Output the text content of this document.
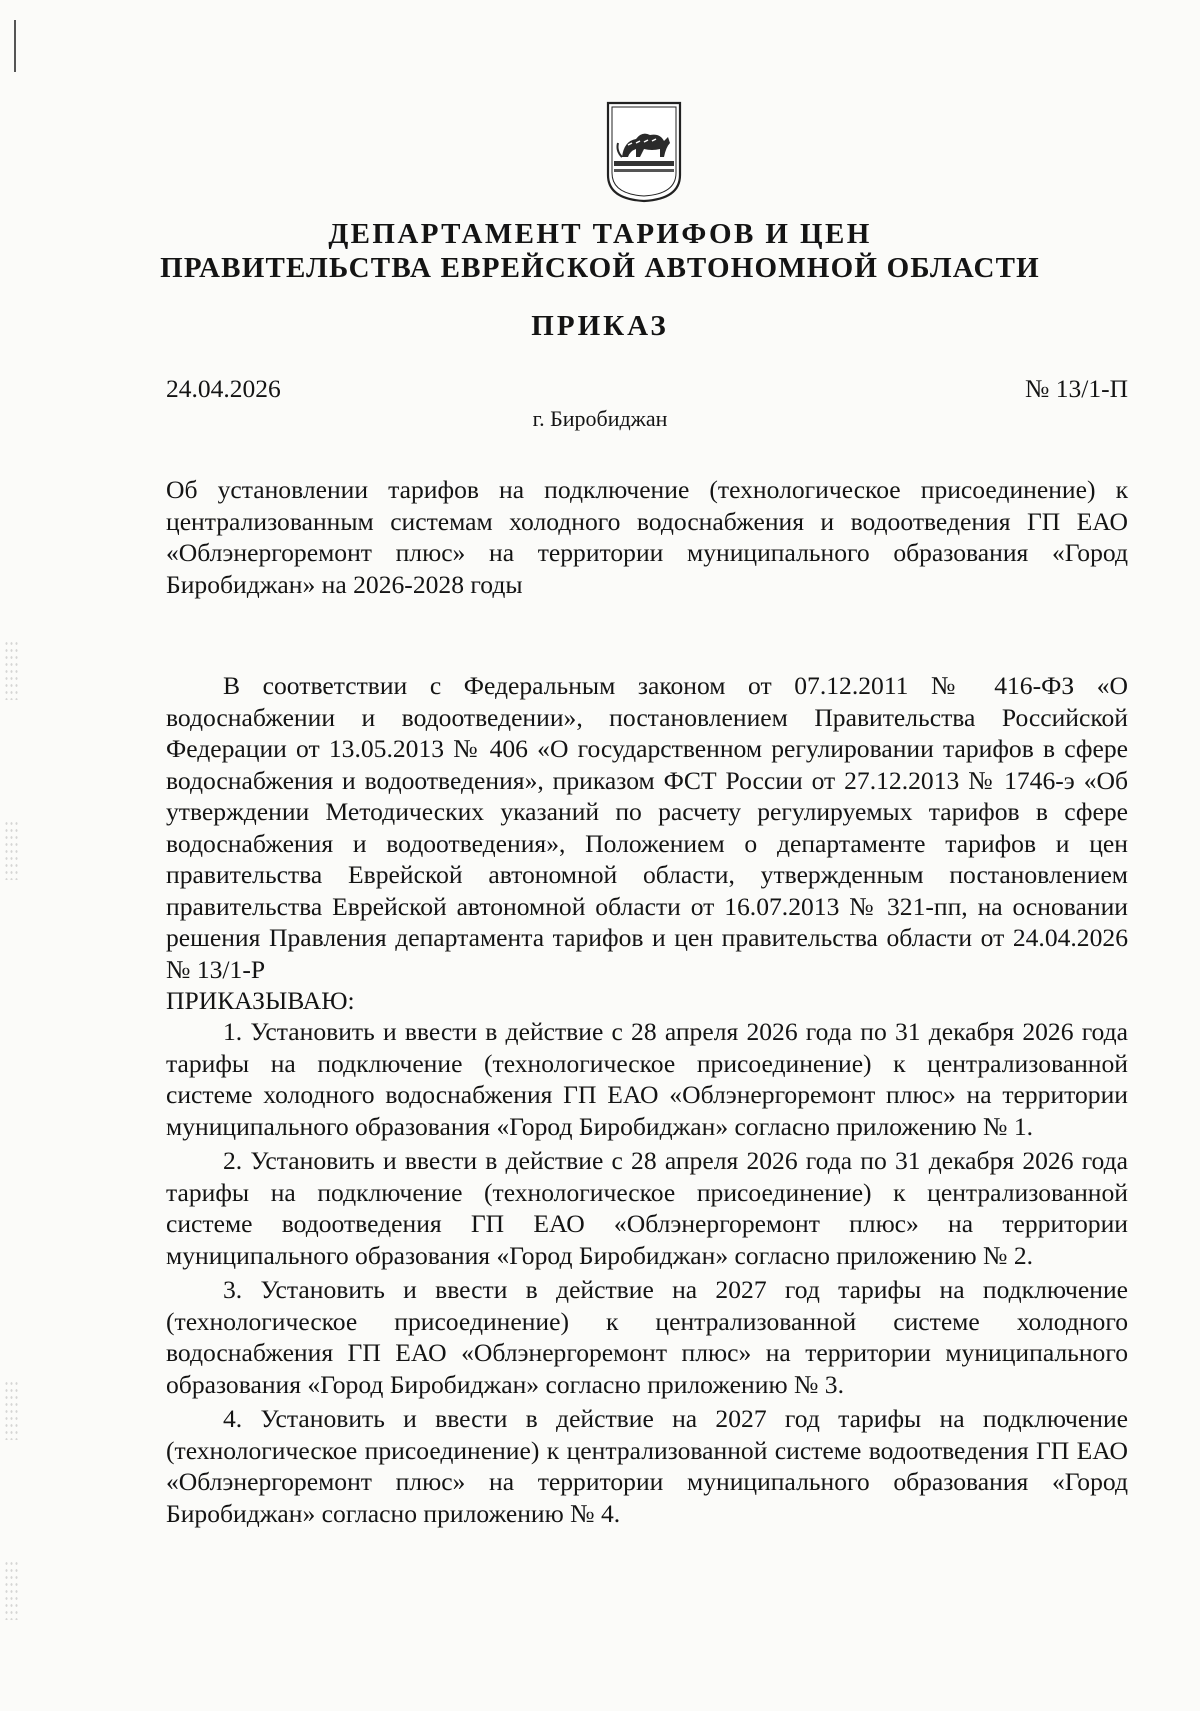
ДЕПАРТАМЕНТ ТАРИФОВ И ЦЕН
ПРАВИТЕЛЬСТВА ЕВРЕЙСКОЙ АВТОНОМНОЙ ОБЛАСТИ
ПРИКАЗ
24.04.2026	№ 13/1-П
г. Биробиджан

Об установлении тарифов на подключение (технологическое присоединение) к централизованным системам холодного водоснабжения и водоотведения ГП ЕАО «Облэнергоремонт плюс» на территории муниципального образования «Город Биробиджан» на 2026-2028 годы

В соответствии с Федеральным законом от 07.12.2011 № 416-ФЗ «О водоснабжении и водоотведении», постановлением Правительства Российской Федерации от 13.05.2013 № 406 «О государственном регулировании тарифов в сфере водоснабжения и водоотведения», приказом ФСТ России от 27.12.2013 № 1746-э «Об утверждении Методических указаний по расчету регулируемых тарифов в сфере водоснабжения и водоотведения», Положением о департаменте тарифов и цен правительства Еврейской автономной области, утвержденным постановлением правительства Еврейской автономной области от 16.07.2013 № 321-пп, на основании решения Правления департамента тарифов и цен правительства области от 24.04.2026 № 13/1-Р

ПРИКАЗЫВАЮ:

1. Установить и ввести в действие с 28 апреля 2026 года по 31 декабря 2026 года тарифы на подключение (технологическое присоединение) к централизованной системе холодного водоснабжения ГП ЕАО «Облэнергоремонт плюс» на территории муниципального образования «Город Биробиджан» согласно приложению № 1.

2. Установить и ввести в действие с 28 апреля 2026 года по 31 декабря 2026 года тарифы на подключение (технологическое присоединение) к централизованной системе водоотведения ГП ЕАО «Облэнергоремонт плюс» на территории муниципального образования «Город Биробиджан» согласно приложению № 2.

3. Установить и ввести в действие на 2027 год тарифы на подключение (технологическое присоединение) к централизованной системе холодного водоснабжения ГП ЕАО «Облэнергоремонт плюс» на территории муниципального образования «Город Биробиджан» согласно приложению № 3.

4. Установить и ввести в действие на 2027 год тарифы на подключение (технологическое присоединение) к централизованной системе водоотведения ГП ЕАО «Облэнергоремонт плюс» на территории муниципального образования «Город Биробиджан» согласно приложению № 4.
